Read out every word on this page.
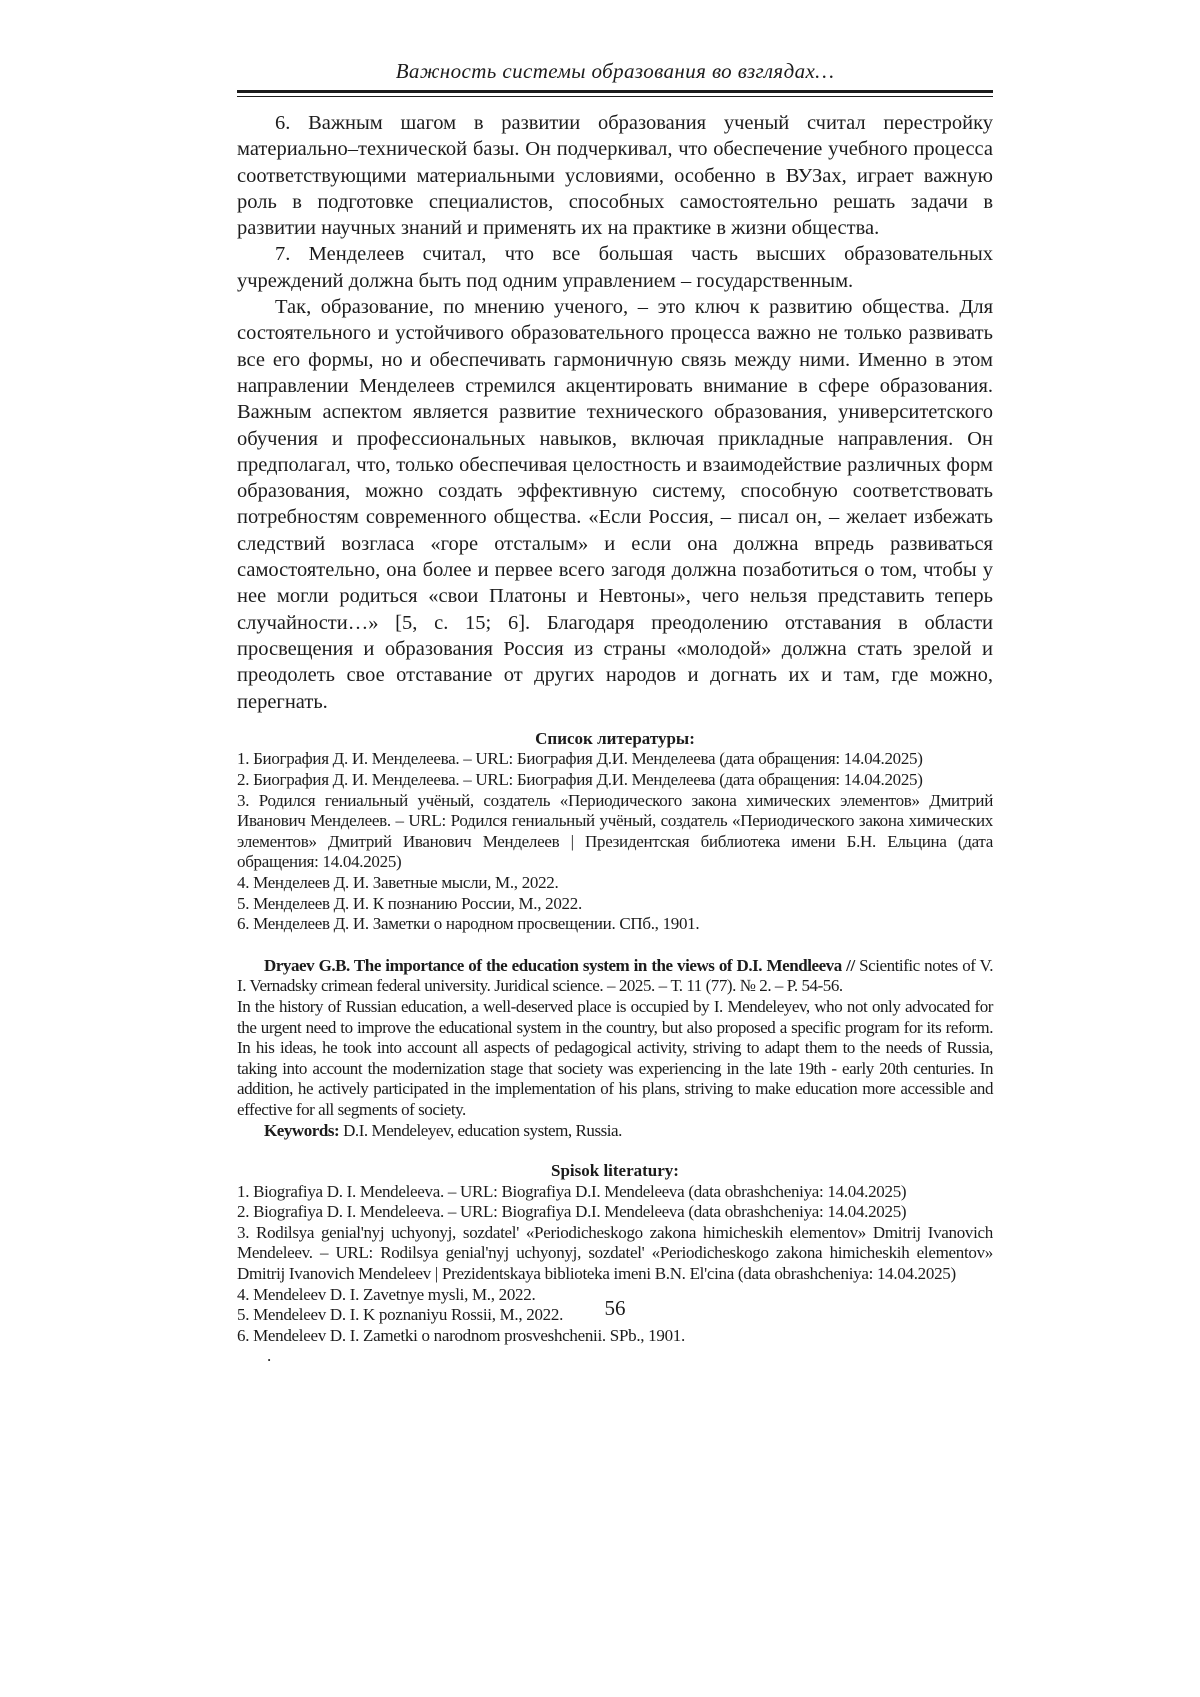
Важность системы образования во взглядах…

6. Важным шагом в развитии образования ученый считал перестройку материально–технической базы. Он подчеркивал, что обеспечение учебного процесса соответствующими материальными условиями, особенно в ВУЗах, играет важную роль в подготовке специалистов, способных самостоятельно решать задачи в развитии научных знаний и применять их на практике в жизни общества.

7. Менделеев считал, что все большая часть высших образовательных учреждений должна быть под одним управлением – государственным.

Так, образование, по мнению ученого, – это ключ к развитию общества. Для состоятельного и устойчивого образовательного процесса важно не только развивать все его формы, но и обеспечивать гармоничную связь между ними. Именно в этом направлении Менделеев стремился акцентировать внимание в сфере образования. Важным аспектом является развитие технического образования, университетского обучения и профессиональных навыков, включая прикладные направления. Он предполагал, что, только обеспечивая целостность и взаимодействие различных форм образования, можно создать эффективную систему, способную соответствовать потребностям современного общества. «Если Россия, – писал он, – желает избежать следствий возгласа «горе отсталым» и если она должна впредь развиваться самостоятельно, она более и первее всего загодя должна позаботиться о том, чтобы у нее могли родиться «свои Платоны и Невтоны», чего нельзя представить теперь случайности…» [5, с. 15; 6]. Благодаря преодолению отставания в области просвещения и образования Россия из страны «молодой» должна стать зрелой и преодолеть свое отставание от других народов и догнать их и там, где можно, перегнать.

Список литературы:

1. Биография Д. И. Менделеева. – URL: Биография Д.И. Менделеева (дата обращения: 14.04.2025)

2. Биография Д. И. Менделеева. – URL: Биография Д.И. Менделеева (дата обращения: 14.04.2025)

3. Родился гениальный учёный, создатель «Периодического закона химических элементов» Дмитрий Иванович Менделеев. – URL: Родился гениальный учёный, создатель «Периодического закона химических элементов» Дмитрий Иванович Менделеев | Президентская библиотека имени Б.Н. Ельцина (дата обращения: 14.04.2025)

4. Менделеев Д. И. Заветные мысли, М., 2022.

5. Менделеев Д. И. К познанию России, М., 2022.

6. Менделеев Д. И. Заметки о народном просвещении. СПб., 1901.

Dryaev G.B. The importance of the education system in the views of D.I. Mendleeva // Scientific notes of V. I. Vernadsky crimean federal university. Juridical science. – 2025. – Т. 11 (77). № 2. – P. 54-56.

In the history of Russian education, a well-deserved place is occupied by I. Mendeleyev, who not only advocated for the urgent need to improve the educational system in the country, but also proposed a specific program for its reform. In his ideas, he took into account all aspects of pedagogical activity, striving to adapt them to the needs of Russia, taking into account the modernization stage that society was experiencing in the late 19th - early 20th centuries. In addition, he actively participated in the implementation of his plans, striving to make education more accessible and effective for all segments of society.

Keywords: D.I. Mendeleyev, education system, Russia.

Spisok literatury:

1. Biografiya D. I. Mendeleeva. – URL: Biografiya D.I. Mendeleeva (data obrashcheniya: 14.04.2025)

2. Biografiya D. I. Mendeleeva. – URL: Biografiya D.I. Mendeleeva (data obrashcheniya: 14.04.2025)

3. Rodilsya genial'nyj uchyonyj, sozdatel' «Periodicheskogo zakona himicheskih elementov» Dmitrij Ivanovich Mendeleev. – URL: Rodilsya genial'nyj uchyonyj, sozdatel' «Periodicheskogo zakona himicheskih elementov» Dmitrij Ivanovich Mendeleev | Prezidentskaya biblioteka imeni B.N. El'cina (data obrashcheniya: 14.04.2025)

4. Mendeleev D. I. Zavetnye mysli, M., 2022.

5. Mendeleev D. I. K poznaniyu Rossii, M., 2022.

6. Mendeleev D. I. Zametki o narodnom prosveshchenii. SPb., 1901.

.

56
